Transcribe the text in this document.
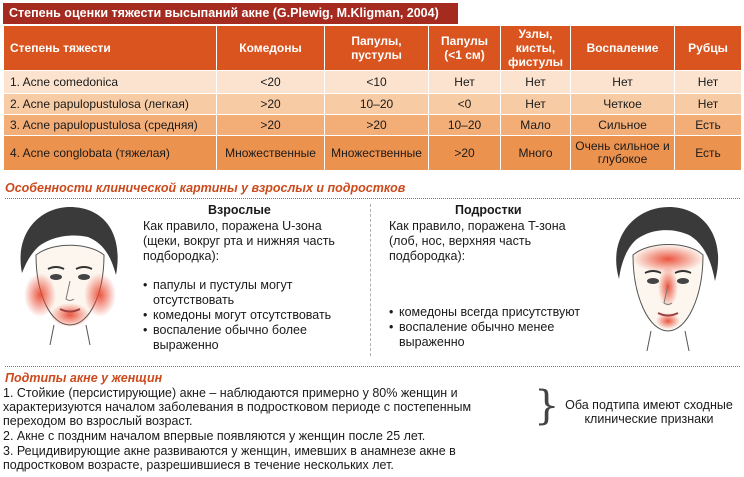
Степень оценки тяжести высыпаний акне (G.Plewig, M.Kligman, 2004)
Степень тяжести	Комедоны	Папулы, пустулы	Папулы (<1 см)	Узлы, кисты, фистулы	Воспаление	Рубцы
1. Acne comedonica	<20	<10	Нет	Нет	Нет	Нет
2. Acne papulopustulosa (легкая)	>20	10–20	<0	Нет	Четкое	Нет
3. Acne papulopustulosa (средняя)	>20	>20	10–20	Мало	Сильное	Есть
4. Acne conglobata (тяжелая)	Множественные	Множественные	>20	Много	Очень сильное и глубокое	Есть
Особенности клинической картины у взрослых и подростков
Взрослые
Как правило, поражена U-зона (щеки, вокруг рта и нижняя часть подбородка):
• папулы и пустулы могут отсутствовать
• комедоны могут отсутствовать
• воспаление обычно более выраженно
Подростки
Как правило, поражена T-зона (лоб, нос, верхняя часть подбородка):
• комедоны всегда присутствуют
• воспаление обычно менее выраженно
Подтипы акне у женщин
1. Стойкие (персистирующие) акне – наблюдаются примерно у 80% женщин и характеризуются началом заболевания в подростковом периоде с постепенным переходом во взрослый возраст.
2. Акне с поздним началом впервые появляются у женщин после 25 лет.
3. Рецидивирующие акне развиваются у женщин, имевших в анамнезе акне в подростковом возрасте, разрешившиеся в течение нескольких лет.
} Оба подтипа имеют сходные клинические признаки
